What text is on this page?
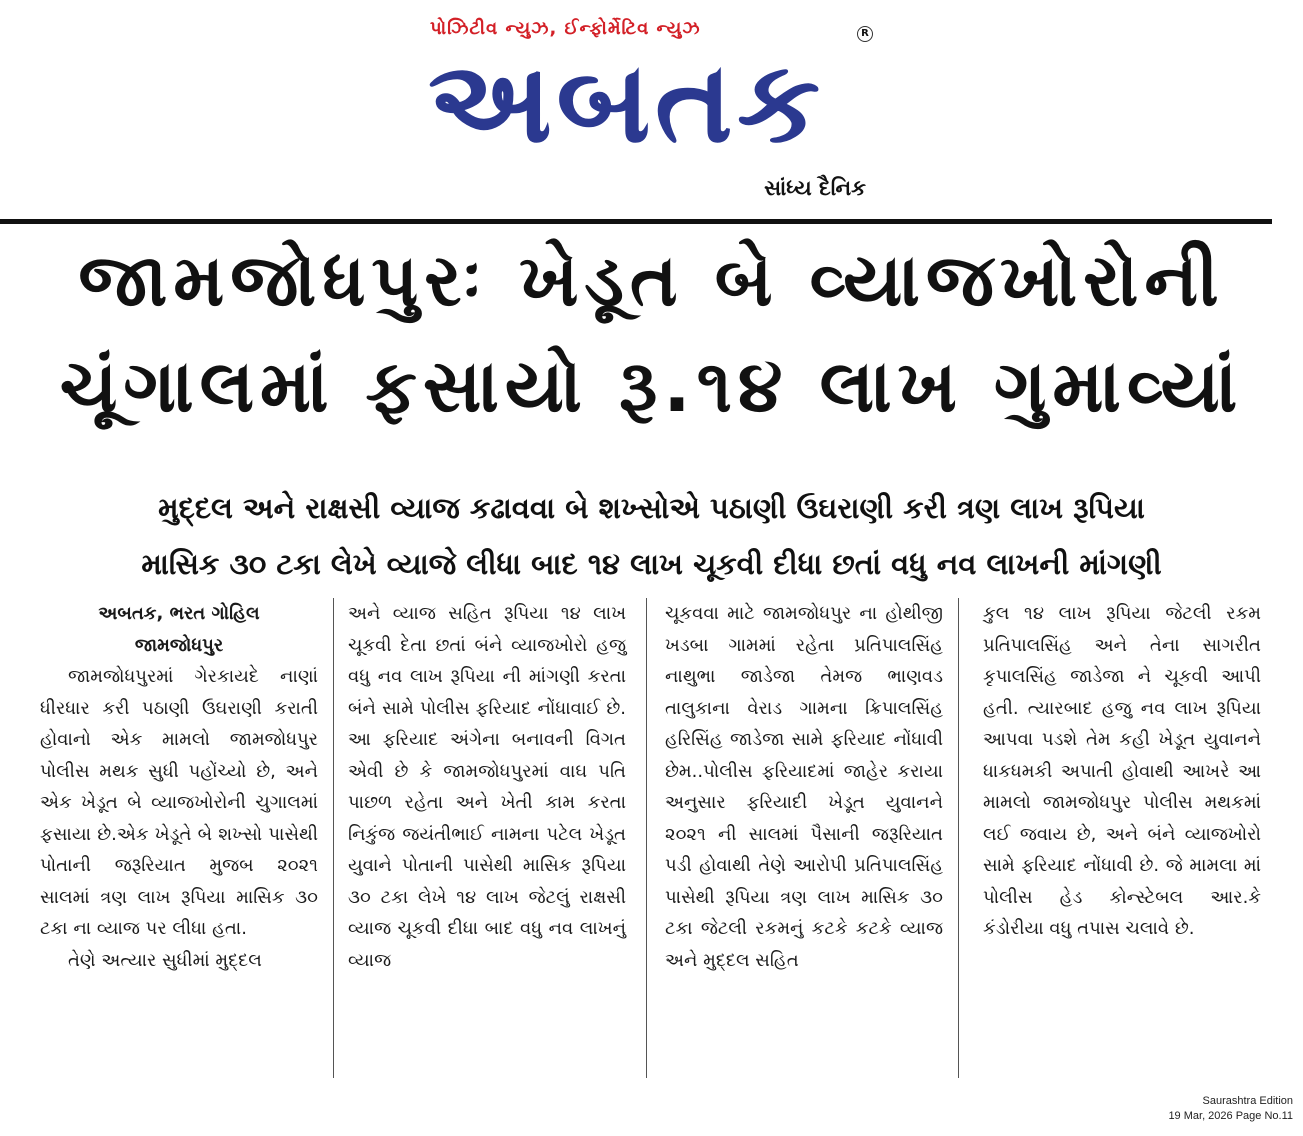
પોઝિટીવ ન્યુઝ, ઈન્ફોર્મેટિવ ન્યુઝ
અબતક
R
સાંધ્ય દૈનિક
જામજોધપુરઃ ખેડૂત બે વ્યાજખોરોની
ચૂંગાલમાં ફસાયો રૂ.૧૪ લાખ ગુમાવ્યાં
મુદ્દલ અને રાક્ષસી વ્યાજ કઢાવવા બે શખ્સોએ પઠાણી ઉઘરાણી કરી ત્રણ લાખ રૂપિયા
માસિક ૩૦ ટકા લેખે વ્યાજે લીધા બાદ ૧૪ લાખ ચૂકવી દીધા છતાં વધુ નવ લાખની માંગણી

અબતક, ભરત ગોહિલ

જામજોધપુર

જામજોધપુરમાં ગેરકાયદે નાણાં ધીરધાર કરી પઠાણી ઉઘરાણી કરાતી હોવાનો એક મામલો જામજોધપુર પોલીસ મથક સુધી પહોંચ્યો છે, અને એક ખેડૂત બે વ્યાજખોરોની ચુગાલમાં ફસાયા છે.એક ખેડૂતે બે શખ્સો પાસેથી પોતાની જરૂરિયાત મુજબ ૨૦૨૧ સાલમાં ત્રણ લાખ રૂપિયા માસિક ૩૦ ટકા ના વ્યાજ પર લીધા હતા.

તેણે અત્યાર સુધીમાં મુદ્દલ

અને વ્યાજ સહિત રૂપિયા ૧૪ લાખ ચૂકવી દેતા છતાં બંને વ્યાજખોરો હજુ વધુ નવ લાખ રૂપિયા ની માંગણી કરતા બંને સામે પોલીસ ફરિયાદ નોંધાવાઈ છે. આ ફરિયાદ અંગેના બનાવની વિગત એવી છે કે જામજોધપુરમાં વાઘ પતિ પાછળ રહેતા અને ખેતી કામ કરતા નિકુંજ જયંતીભાઈ નામના પટેલ ખેડૂત યુવાને પોતાની પાસેથી માસિક રૂપિયા ૩૦ ટકા લેખે ૧૪ લાખ જેટલું રાક્ષસી વ્યાજ ચૂકવી દીધા બાદ વધુ નવ લાખનું વ્યાજ

ચૂકવવા માટે જામજોધપુર ના હોથીજી ખડબા ગામમાં રહેતા પ્રતિપાલસિંહ નાથુભા જાડેજા તેમજ ભાણવડ તાલુકાના વેરાડ ગામના ક્રિપાલસિંહ હરિસિંહ જાડેજા સામે ફરિયાદ નોંધાવી છેમ..પોલીસ ફરિયાદમાં જાહેર કરાયા અનુસાર ફરિયાદી ખેડૂત યુવાનને ૨૦૨૧ ની સાલમાં પૈસાની જરૂરિયાત પડી હોવાથી તેણે આરોપી પ્રતિપાલસિંહ પાસેથી રૂપિયા ત્રણ લાખ માસિક ૩૦ ટકા જેટલી રકમનું કટકે કટકે વ્યાજ અને મુદ્દલ સહિત

કુલ ૧૪ લાખ રૂપિયા જેટલી રકમ પ્રતિપાલસિંહ અને તેના સાગરીત કૃપાલસિંહ જાડેજા ને ચૂકવી આપી હતી. ત્યારબાદ હજુ નવ લાખ રૂપિયા આપવા પડશે તેમ કહી ખેડૂત યુવાનને ધાકધમકી અપાતી હોવાથી આખરે આ મામલો જામજોધપુર પોલીસ મથકમાં લઈ જવાય છે, અને બંને વ્યાજખોરો સામે ફરિયાદ નોંધાવી છે. જે મામલા માં પોલીસ હેડ કોન્સ્ટેબલ આર.કે કંડોરીયા વધુ તપાસ ચલાવે છે.

Saurashtra Edition
19 Mar, 2026 Page No.11
